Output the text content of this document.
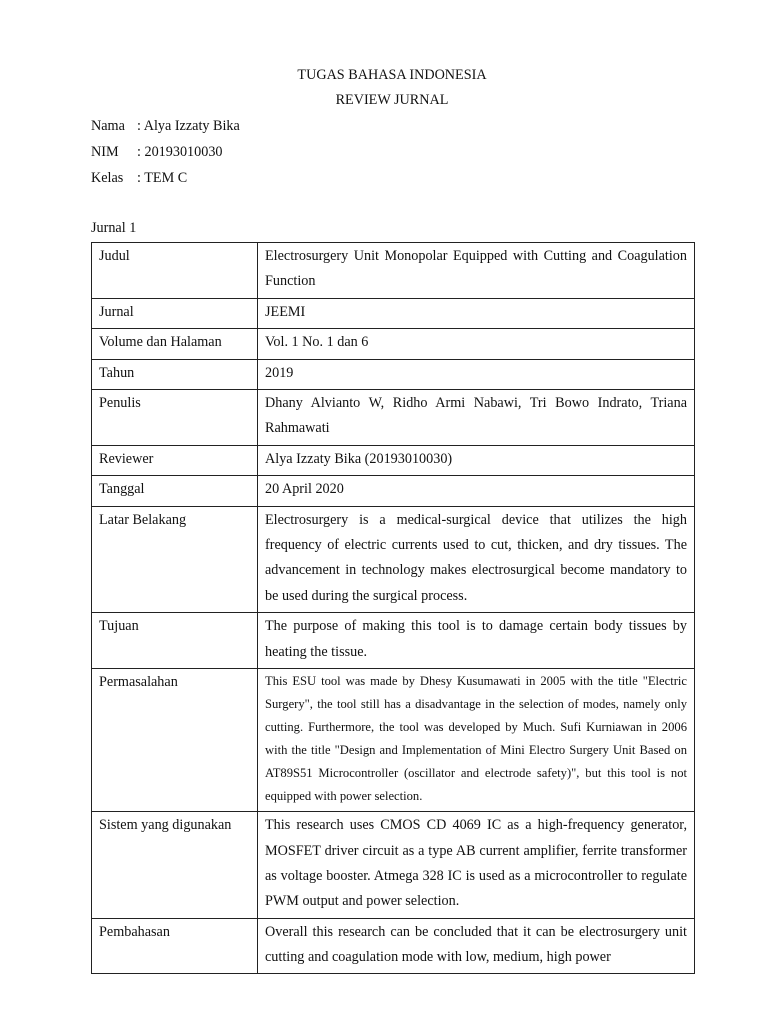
TUGAS BAHASA INDONESIA
REVIEW JURNAL
Nama : Alya Izzaty Bika
NIM : 20193010030
Kelas : TEM C
Jurnal 1
Judul	Electrosurgery Unit Monopolar Equipped with Cutting and Coagulation Function
Jurnal	JEEMI
Volume dan Halaman	Vol. 1 No. 1 dan 6
Tahun	2019
Penulis	Dhany Alvianto W, Ridho Armi Nabawi, Tri Bowo Indrato, Triana Rahmawati
Reviewer	Alya Izzaty Bika (20193010030)
Tanggal	20 April 2020
Latar Belakang	Electrosurgery is a medical-surgical device that utilizes the high frequency of electric currents used to cut, thicken, and dry tissues. The advancement in technology makes electrosurgical become mandatory to be used during the surgical process.
Tujuan	The purpose of making this tool is to damage certain body tissues by heating the tissue.
Permasalahan	This ESU tool was made by Dhesy Kusumawati in 2005 with the title "Electric Surgery", the tool still has a disadvantage in the selection of modes, namely only cutting. Furthermore, the tool was developed by Much. Sufi Kurniawan in 2006 with the title "Design and Implementation of Mini Electro Surgery Unit Based on AT89S51 Microcontroller (oscillator and electrode safety)", but this tool is not equipped with power selection.
Sistem yang digunakan	This research uses CMOS CD 4069 IC as a high-frequency generator, MOSFET driver circuit as a type AB current amplifier, ferrite transformer as voltage booster. Atmega 328 IC is used as a microcontroller to regulate PWM output and power selection.
Pembahasan	Overall this research can be concluded that it can be electrosurgery unit cutting and coagulation mode with low, medium, high power
